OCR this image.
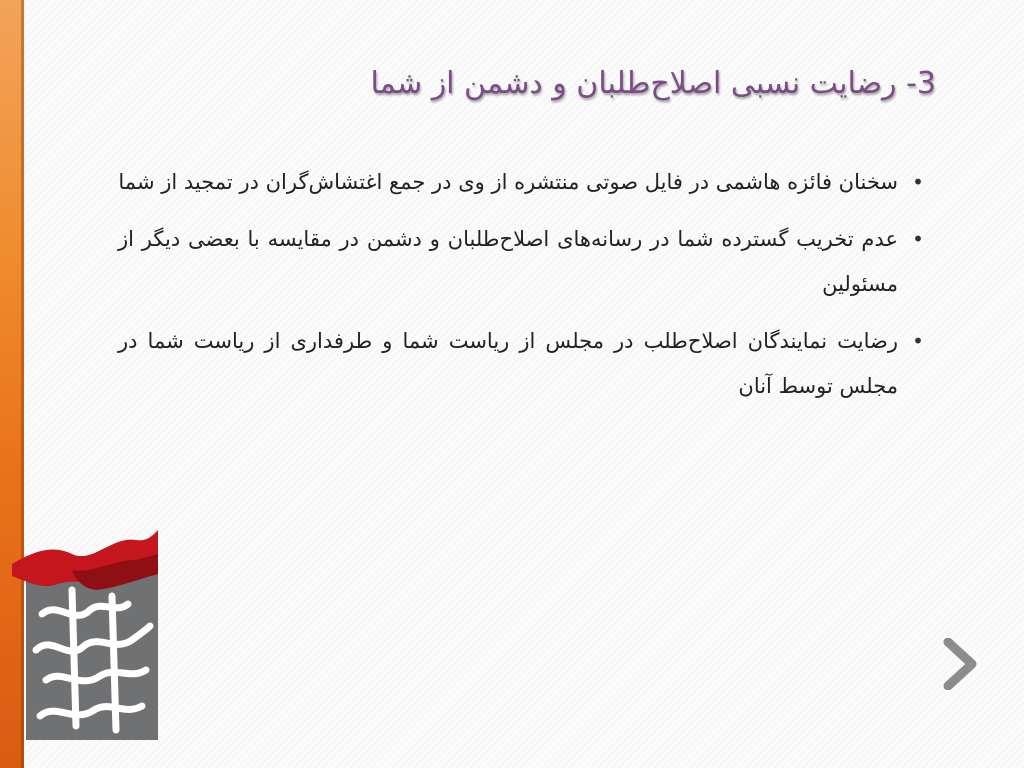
3- رضایت نسبی اصلاح‌طلبان و دشمن از شما
•
سخنان فائزه هاشمی در فایل صوتی منتشره از وی در جمع اغتشاش‌گران در تمجید از شما
•
عدم تخریب گسترده شما در رسانه‌های اصلاح‌طلبان و دشمن در مقایسه با بعضی دیگر از مسئولین
•
رضایت نمایندگان اصلاح‌طلب در مجلس از ریاست شما و طرفداری از ریاست شما در مجلس توسط آنان
